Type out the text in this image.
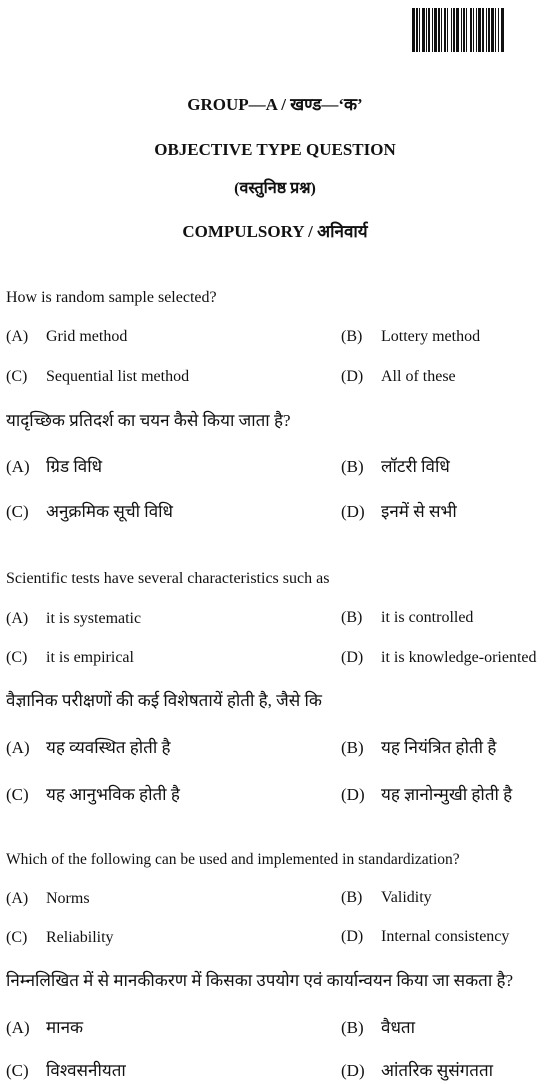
GROUP—A / खण्ड—‘क’
OBJECTIVE TYPE QUESTION
(वस्तुनिष्ठ प्रश्न)
COMPULSORY / अनिवार्य
How is random sample selected?
(A) Grid method	(B) Lottery method
(C) Sequential list method	(D) All of these
यादृच्छिक प्रतिदर्श का चयन कैसे किया जाता है?
(A) ग्रिड विधि	(B) लॉटरी विधि
(C) अनुक्रमिक सूची विधि	(D) इनमें से सभी
Scientific tests have several characteristics such as
(A) it is systematic	(B) it is controlled
(C) it is empirical	(D) it is knowledge-oriented
वैज्ञानिक परीक्षणों की कई विशेषतायें होती है, जैसे कि
(A) यह व्यवस्थित होती है	(B) यह नियंत्रित होती है
(C) यह आनुभविक होती है	(D) यह ज्ञानोन्मुखी होती है
Which of the following can be used and implemented in standardization?
(A) Norms	(B) Validity
(C) Reliability	(D) Internal consistency
निम्नलिखित में से मानकीकरण में किसका उपयोग एवं कार्यान्वयन किया जा सकता है?
(A) मानक	(B) वैधता
(C) विश्वसनीयता	(D) आंतरिक सुसंगतता
